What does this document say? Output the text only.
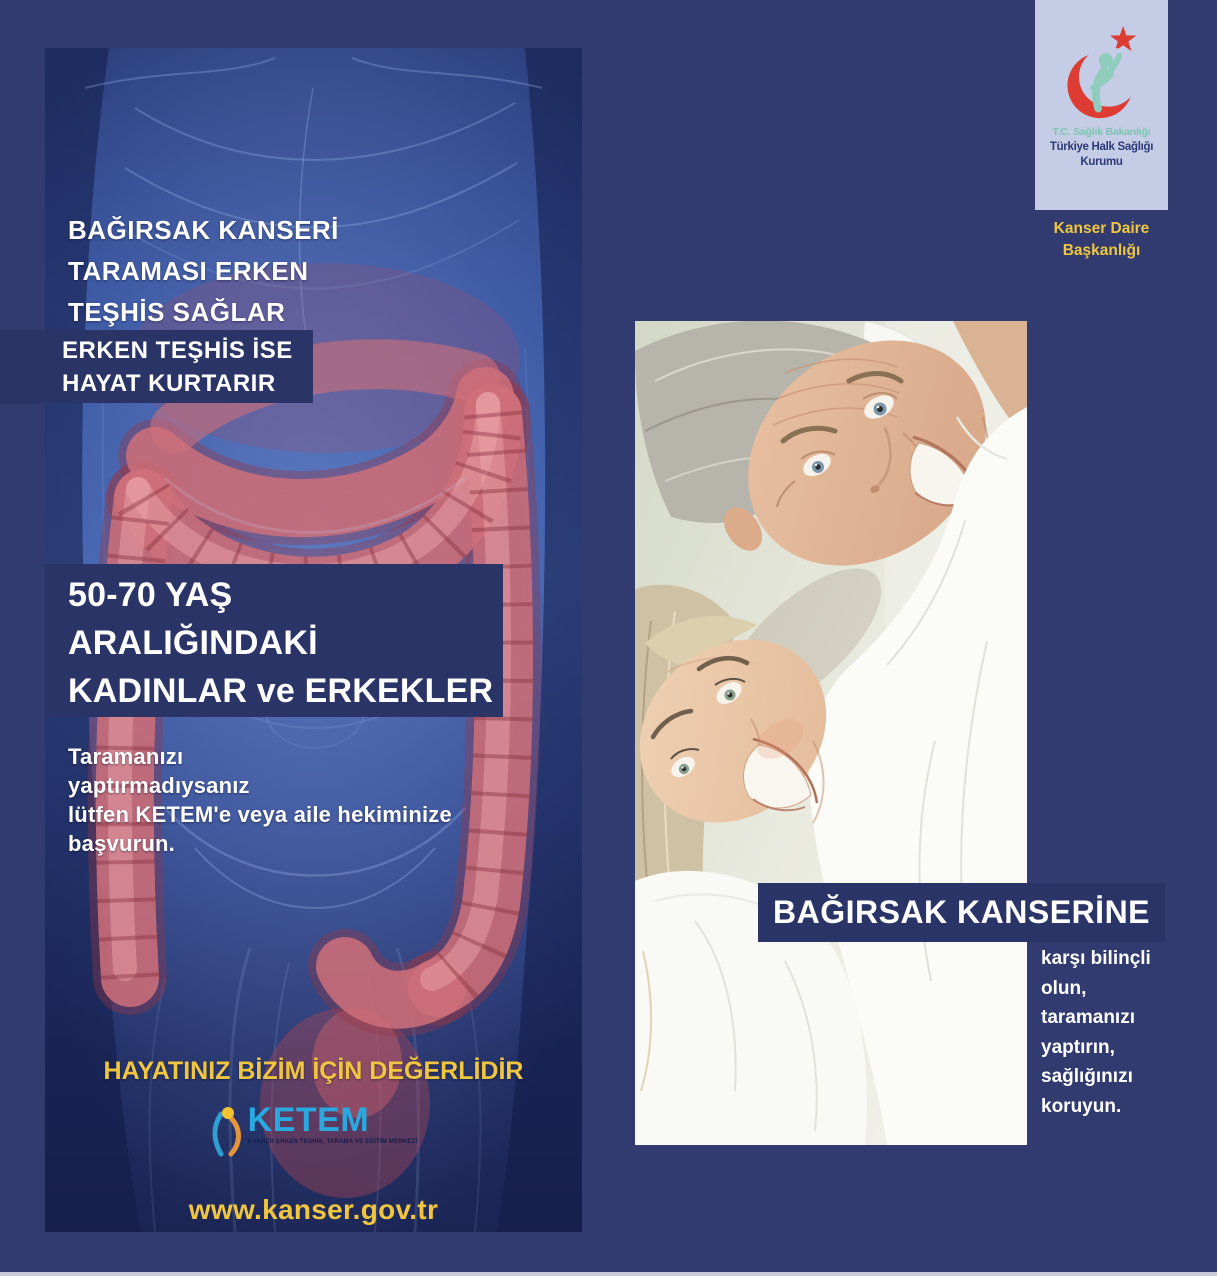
BAĞIRSAK KANSERİ
TARAMASI ERKEN
TEŞHİS SAĞLAR
ERKEN TEŞHİS İSE
HAYAT KURTARIR
50-70 YAŞ
ARALIĞINDAKİ
KADINLAR ve ERKEKLER
Taramanızı
yaptırmadıysanız
lütfen KETEM'e veya aile hekiminize
başvurun.
HAYATINIZ BİZİM İÇİN DEĞERLİDİR
KETEM
KANSER ERKEN TEŞHİS, TARAMA VE EĞİTİM MERKEZİ
www.kanser.gov.tr
T.C. Sağlık Bakanlığı
Türkiye Halk Sağlığı
Kurumu
Kanser Daire
Başkanlığı
BAĞIRSAK KANSERİNE
karşı bilinçli
olun,
taramanızı
yaptırın,
sağlığınızı
koruyun.
